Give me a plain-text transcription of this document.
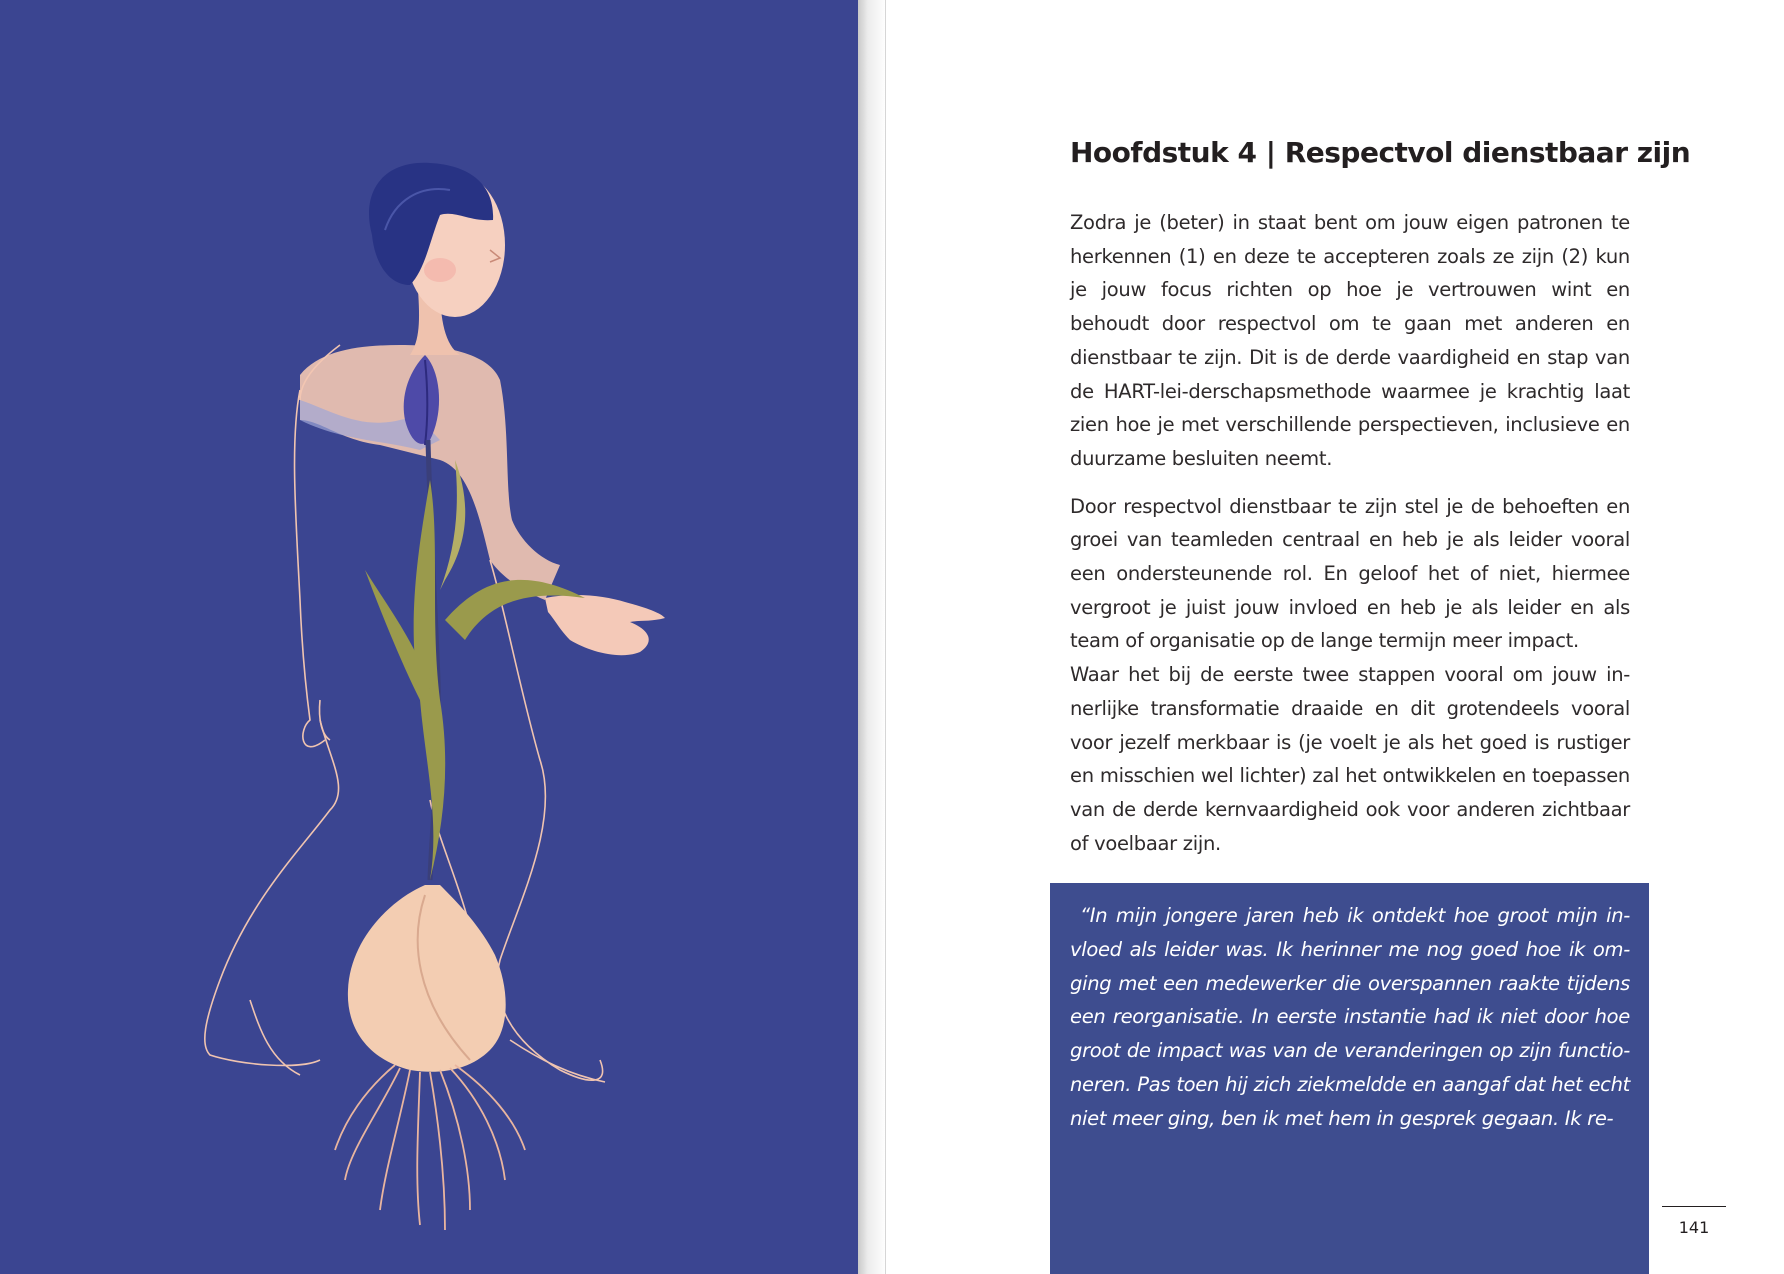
Hoofdstuk 4 | Respectvol dienstbaar zijn

Zodra je (beter) in staat bent om jouw eigen patronen te herkennen (1) en deze te accepteren zoals ze zijn (2) kun je jouw focus richten op hoe je vertrouwen wint en behoudt door respectvol om te gaan met anderen en dienstbaar te zijn. Dit is de derde vaardigheid en stap van de HART-lei-derschapsmethode waarmee je krachtig laat zien hoe je met verschillende perspectieven, inclusieve en duurzame besluiten neemt.

Door respectvol dienstbaar te zijn stel je de behoeften en groei van teamleden centraal en heb je als leider vooral een ondersteunende rol. En geloof het of niet, hiermee vergroot je juist jouw invloed en heb je als leider en als team of organisatie op de lange termijn meer impact.

Waar het bij de eerste twee stappen vooral om jouw in-nerlijke transformatie draaide en dit grotendeels vooral voor jezelf merkbaar is (je voelt je als het goed is rustiger en misschien wel lichter) zal het ontwikkelen en toepassen van de derde kernvaardigheid ook voor anderen zichtbaar of voelbaar zijn.

“In mijn jongere jaren heb ik ontdekt hoe groot mijn in-vloed als leider was. Ik herinner me nog goed hoe ik om-ging met een medewerker die overspannen raakte tijdens een reorganisatie. In eerste instantie had ik niet door hoe groot de impact was van de veranderingen op zijn functio-neren. Pas toen hij zich ziekmeldde en aangaf dat het echt niet meer ging, ben ik met hem in gesprek gegaan. Ik re-

141
